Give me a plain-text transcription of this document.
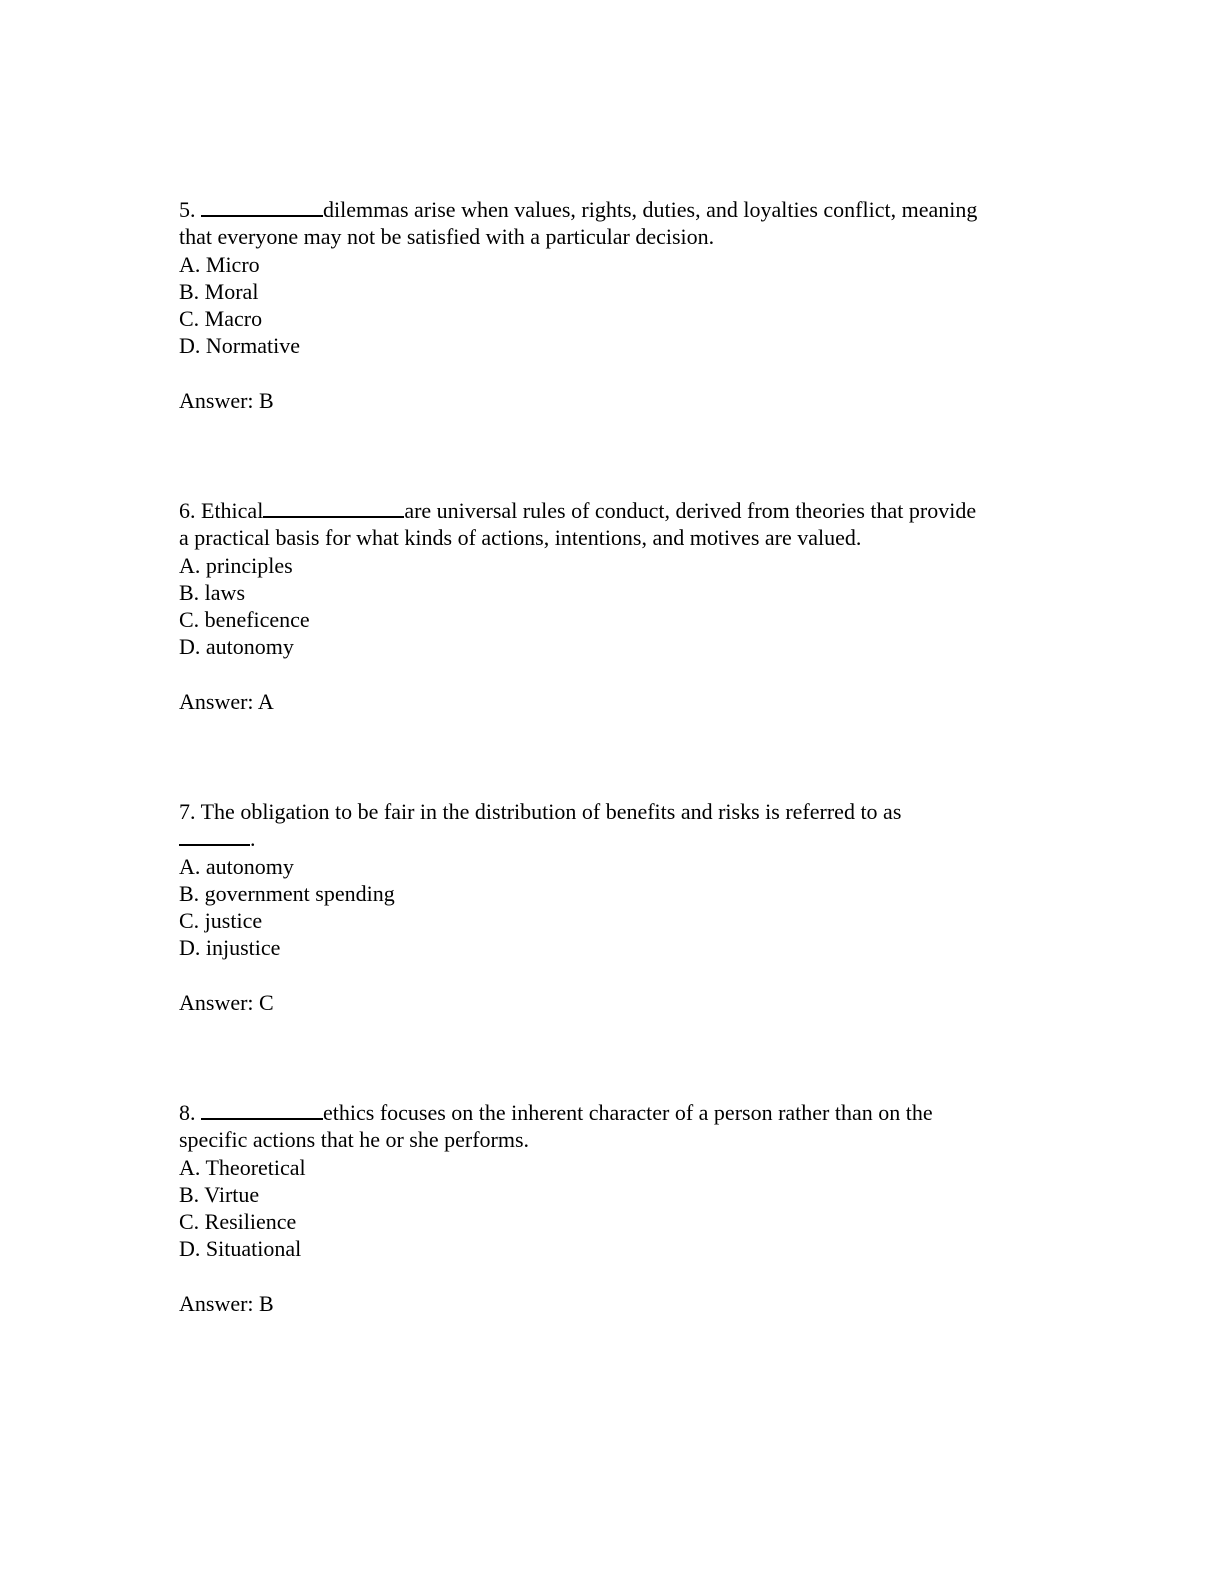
5.	dilemmas arise when values, rights, duties, and loyalties conflict, meaning

that everyone may not be satisfied with a particular decision.

A. Micro

B. Moral

C. Macro

D. Normative

Answer: B

6. Ethical	are universal rules of conduct, derived from theories that provide

a practical basis for what kinds of actions, intentions, and motives are valued.

A. principles

B. laws

C. beneficence

D. autonomy

Answer: A

7. The obligation to be fair in the distribution of benefits and risks is referred to as

.

A. autonomy

B. government spending

C. justice

D. injustice

Answer: C

8.	ethics focuses on the inherent character of a person rather than on the

specific actions that he or she performs.

A. Theoretical

B. Virtue

C. Resilience

D. Situational

Answer: B
